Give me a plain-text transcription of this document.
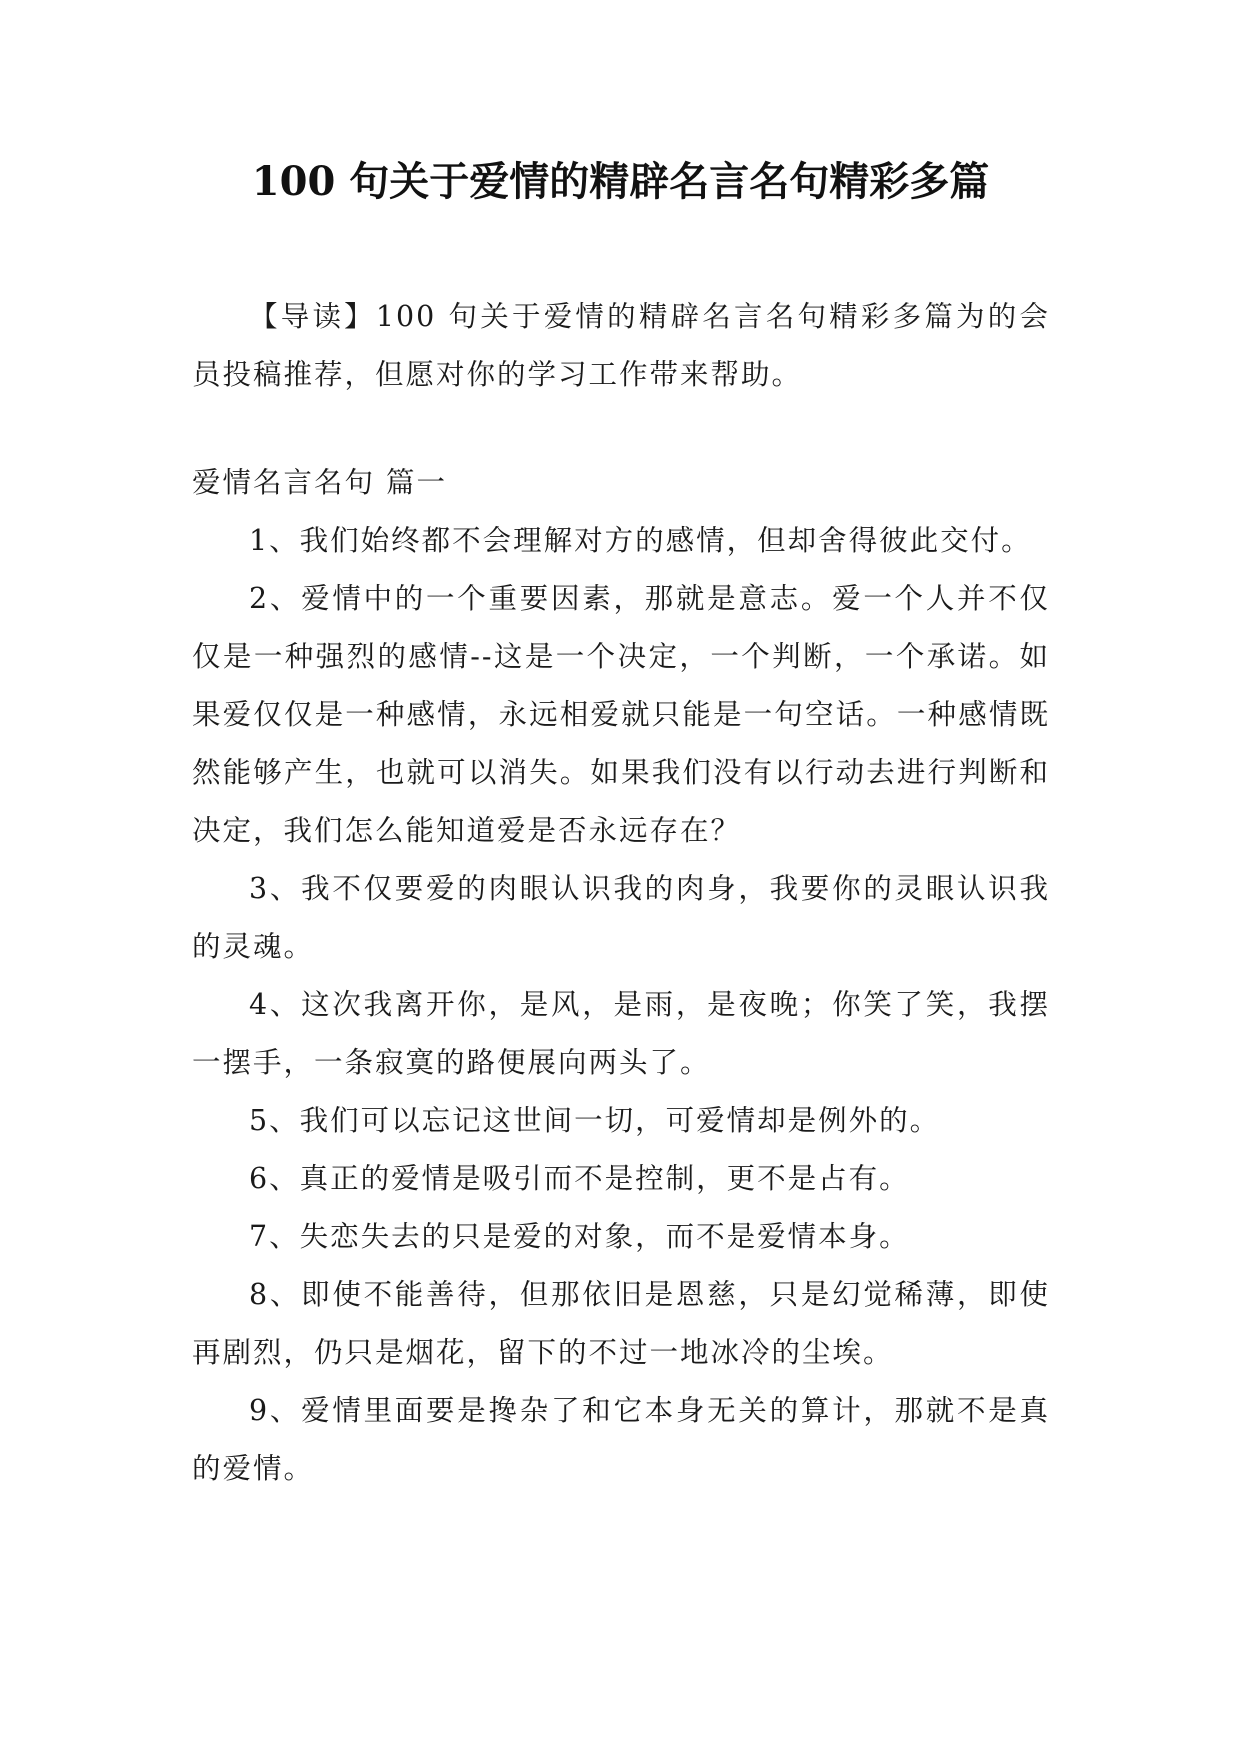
100 句关于爱情的精辟名言名句精彩多篇

【导读】100 句关于爱情的精辟名言名句精彩多篇为的会员投稿推荐，但愿对你的学习工作带来帮助。

爱情名言名句 篇一

1、我们始终都不会理解对方的感情，但却舍得彼此交付。

2、爱情中的一个重要因素，那就是意志。爱一个人并不仅仅是一种强烈的感情--这是一个决定，一个判断，一个承诺。如果爱仅仅是一种感情，永远相爱就只能是一句空话。一种感情既然能够产生，也就可以消失。如果我们没有以行动去进行判断和决定，我们怎么能知道爱是否永远存在？

3、我不仅要爱的肉眼认识我的肉身，我要你的灵眼认识我的灵魂。

4、这次我离开你，是风，是雨，是夜晚；你笑了笑，我摆一摆手，一条寂寞的路便展向两头了。

5、我们可以忘记这世间一切，可爱情却是例外的。

6、真正的爱情是吸引而不是控制，更不是占有。

7、失恋失去的只是爱的对象，而不是爱情本身。

8、即使不能善待，但那依旧是恩慈，只是幻觉稀薄，即使再剧烈，仍只是烟花，留下的不过一地冰冷的尘埃。

9、爱情里面要是搀杂了和它本身无关的算计，那就不是真的爱情。
